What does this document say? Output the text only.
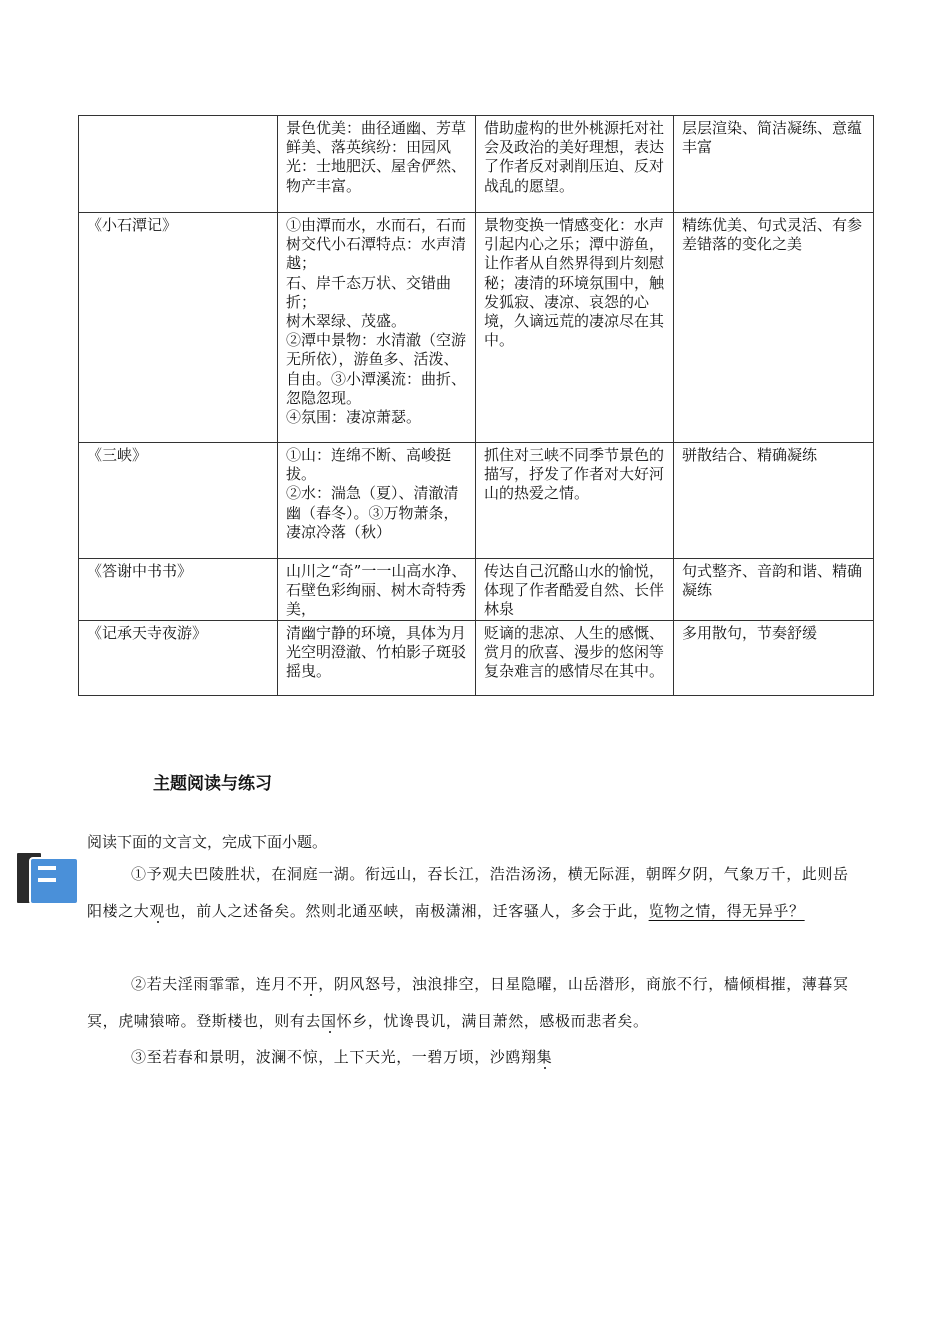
	景色优美：曲径通幽、芳草鲜美、落英缤纷：田园风光：士地肥沃、屋舍俨然、物产丰富。	借助虚构的世外桃源托对社会及政治的美好理想，表达了作者反对剥削压迫、反对战乱的愿望。	层层渲染、简洁凝练、意蕴丰富
《小石潭记》	①由潭而水，水而石，石而树交代小石潭特点：水声清越；
石、岸千态万状、交错曲折；
树木翠绿、茂盛。
②潭中景物：水清澈（空游无所依），游鱼多、活泼、自由。③小潭溪流：曲折、忽隐忽现。
④氛围：凄凉萧瑟。	景物变换一情感变化：水声引起内心之乐；潭中游鱼，让作者从自然界得到片刻慰秘；凄清的环境氛围中，触发狐寂、凄凉、哀怨的心境，久谪远荒的凄凉尽在其中。	精练优美、句式灵活、有参差错落的变化之美
《三峡》	①山：连绵不断、高峻挺拔。
②水：湍急（夏）、清澈清幽（春冬）。③万物萧条，凄凉冷落（秋）	抓住对三峡不同季节景色的描写，抒发了作者对大好河山的热爱之情。	骈散结合、精确凝练
《答谢中书书》	山川之“奇”一一山高水净、石壁色彩绚丽、树木奇特秀美，	传达自己沉酪山水的愉悦，体现了作者酷爱自然、长伴林泉	句式整齐、音韵和谐、精确凝练
《记承天寺夜游》	清幽宁静的环境，具体为月光空明澄澈、竹柏影子斑驳摇曳。	贬谪的悲凉、人生的感慨、赏月的欣喜、漫步的悠闲等复杂难言的感情尽在其中。	多用散句，节奏舒缓
主题阅读与练习
阅读下面的文言文，完成下面小题。
①予观夫巴陵胜状，在洞庭一湖。衔远山，吞长江，浩浩汤汤，横无际涯，朝晖夕阴，气象万千，此则岳阳楼之大观也，前人之述备矣。然则北通巫峡，南极潇湘，迁客骚人，多会于此，览物之情，得无异乎？
②若夫淫雨霏霏，连月不开，阴风怒号，浊浪排空，日星隐曜，山岳潜形，商旅不行，樯倾楫摧，薄暮冥冥，虎啸猿啼。登斯楼也，则有去国怀乡，忧谗畏讥，满目萧然，感极而悲者矣。
③至若春和景明，波澜不惊，上下天光，一碧万顷，沙鸥翔集
